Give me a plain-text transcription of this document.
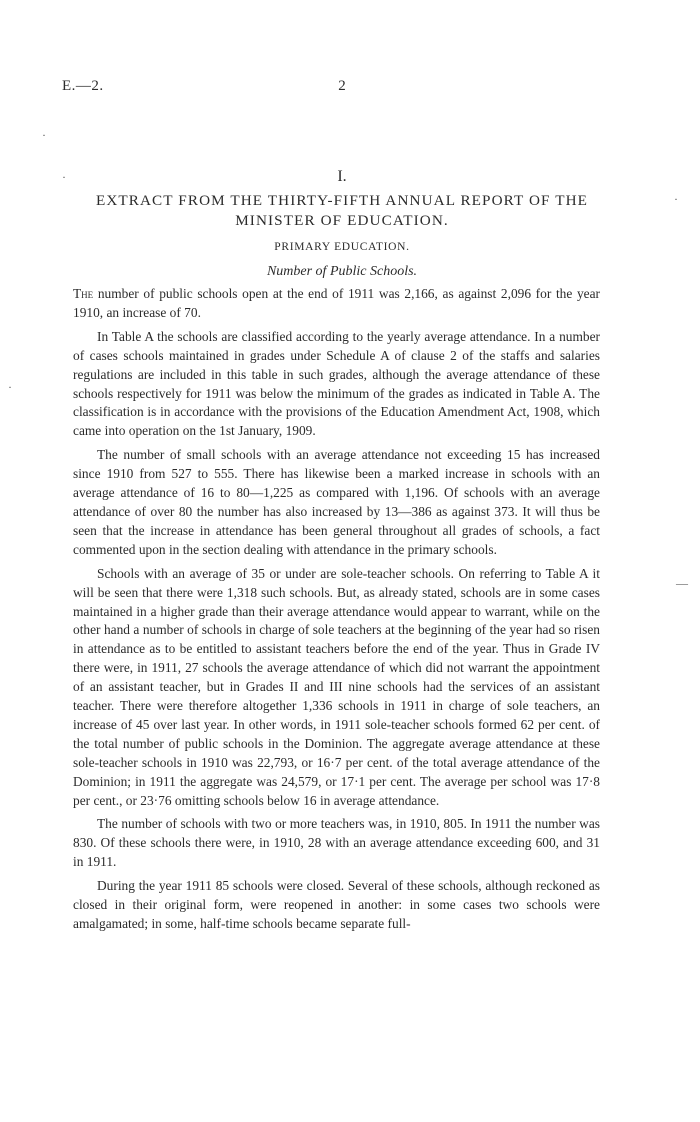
E.—2.	2
I.
EXTRACT FROM THE THIRTY-FIFTH ANNUAL REPORT OF THE MINISTER OF EDUCATION.
PRIMARY EDUCATION.
Number of Public Schools.

The number of public schools open at the end of 1911 was 2,166, as against 2,096 for the year 1910, an increase of 70.

In Table A the schools are classified according to the yearly average attendance. In a number of cases schools maintained in grades under Schedule A of clause 2 of the staffs and salaries regulations are included in this table in such grades, although the average attendance of these schools respectively for 1911 was below the minimum of the grades as indicated in Table A. The classification is in accordance with the provisions of the Education Amendment Act, 1908, which came into operation on the 1st January, 1909.

The number of small schools with an average attendance not exceeding 15 has increased since 1910 from 527 to 555. There has likewise been a marked increase in schools with an average attendance of 16 to 80—1,225 as compared with 1,196. Of schools with an average attendance of over 80 the number has also increased by 13—386 as against 373. It will thus be seen that the increase in attendance has been general throughout all grades of schools, a fact commented upon in the section dealing with attendance in the primary schools.

Schools with an average of 35 or under are sole-teacher schools. On referring to Table A it will be seen that there were 1,318 such schools. But, as already stated, schools are in some cases maintained in a higher grade than their average attendance would appear to warrant, while on the other hand a number of schools in charge of sole teachers at the beginning of the year had so risen in attendance as to be entitled to assistant teachers before the end of the year. Thus in Grade IV there were, in 1911, 27 schools the average attendance of which did not warrant the appointment of an assistant teacher, but in Grades II and III nine schools had the services of an assistant teacher. There were therefore altogether 1,336 schools in 1911 in charge of sole teachers, an increase of 45 over last year. In other words, in 1911 sole-teacher schools formed 62 per cent. of the total number of public schools in the Dominion. The aggregate average attendance at these sole-teacher schools in 1910 was 22,793, or 16·7 per cent. of the total average attendance of the Dominion; in 1911 the aggregate was 24,579, or 17·1 per cent. The average per school was 17·8 per cent., or 23·76 omitting schools below 16 in average attendance.

The number of schools with two or more teachers was, in 1910, 805. In 1911 the number was 830. Of these schools there were, in 1910, 28 with an average attendance exceeding 600, and 31 in 1911.

During the year 1911 85 schools were closed. Several of these schools, although reckoned as closed in their original form, were reopened in another: in some cases two schools were amalgamated; in some, half-time schools became separate full-

·
·
·
—
·
